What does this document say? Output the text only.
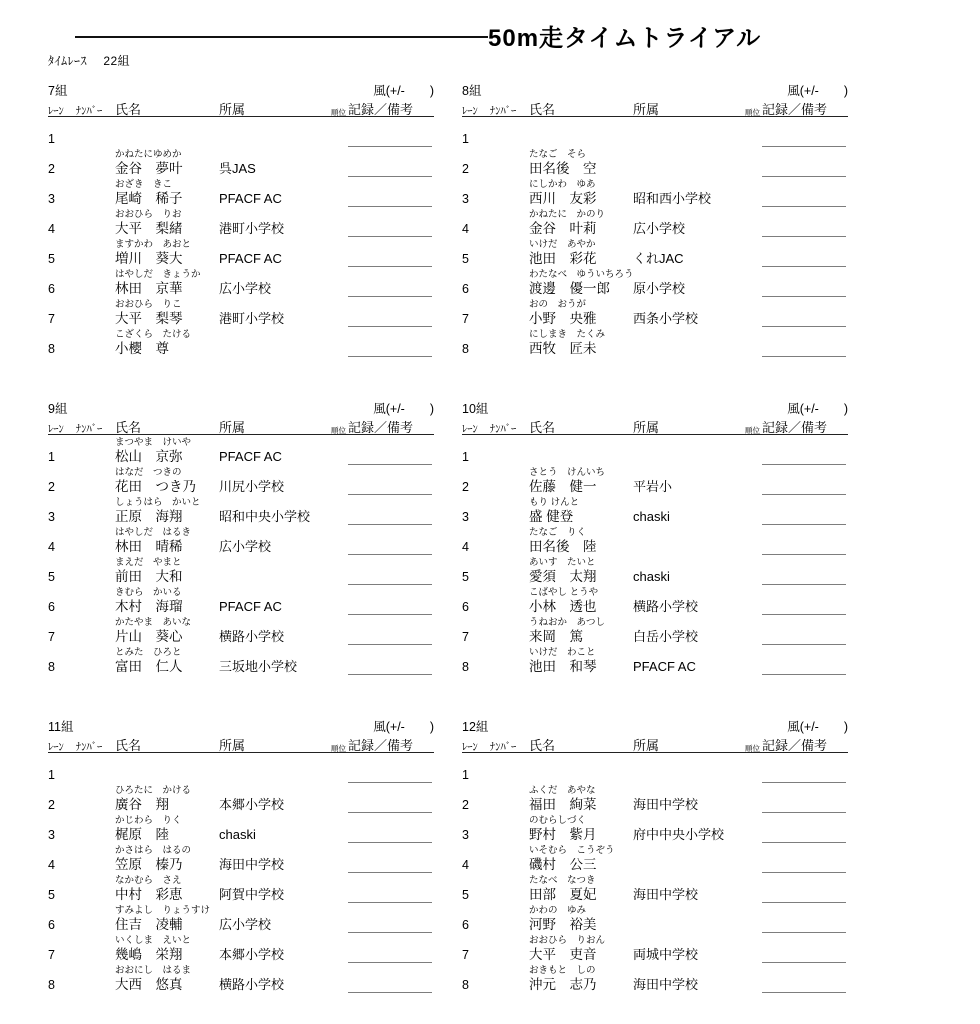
50m走タイムトライアル
ﾀｲﾑﾚｰｽ　 22組
7組	風(+/-　　)
ﾚｰﾝ	ﾅﾝﾊﾞｰ 氏名	所属	順位 記録／備考
1
2
かねたにゆめか
金谷　夢叶	呉JAS
3
おざき　きこ
尾崎　稀子	PFACF AC
4
おおひら　りお
大平　梨緒	港町小学校
5
ますかわ　あおと
増川　葵大	PFACF AC
6
はやしだ　きょうか
林田　京華	広小学校
7
おおひら　りこ
大平　梨琴	港町小学校
8
こざくら　たける
小櫻　尊
8組	風(+/-　　)
ﾚｰﾝ	ﾅﾝﾊﾞｰ 氏名	所属	順位 記録／備考
1
2
たなご　そら
田名後　空
3
にしかわ　ゆあ
西川　友彩	昭和西小学校
4
かねたに　かのり
金谷　叶莉	広小学校
5
いけだ　あやか
池田　彩花	くれJAC
6
わたなべ　ゆういちろう
渡邊　優一郎	原小学校
7
おの　おうが
小野　央雅	西条小学校
8
にしまき　たくみ
西牧　匠未
9組	風(+/-　　)
ﾚｰﾝ	ﾅﾝﾊﾞｰ 氏名	所属	順位 記録／備考
1
まつやま　けいや
松山　京弥	PFACF AC
2
はなだ　つきの
花田　つき乃	川尻小学校
3
しょうはら　かいと
正原　海翔	昭和中央小学校
4
はやしだ　はるき
林田　晴稀	広小学校
5
まえだ　やまと
前田　大和
6
きむら　かいる
木村　海瑠	PFACF AC
7
かたやま　あいな
片山　葵心	横路小学校
8
とみた　ひろと
富田　仁人	三坂地小学校
10組	風(+/-　　)
ﾚｰﾝ	ﾅﾝﾊﾞｰ 氏名	所属	順位 記録／備考
1
2
さとう　けんいち
佐藤　健一	平岩小
3
もり けんと
盛 健登	chaski
4
たなご　りく
田名後　陸
5
あいす　たいと
愛須　太翔	chaski
6
こばやし とうや
小林　透也	横路小学校
7
うねおか　あつし
来岡　篤	白岳小学校
8
いけだ　わこと
池田　和琴	PFACF AC
11組	風(+/-　　)
ﾚｰﾝ	ﾅﾝﾊﾞｰ 氏名	所属	順位 記録／備考
1
2
ひろたに　かける
廣谷　翔	本郷小学校
3
かじわら　りく
梶原　陸	chaski
4
かさはら　はるの
笠原　榛乃	海田中学校
5
なかむら　さえ
中村　彩恵	阿賀中学校
6
すみよし　りょうすけ
住吉　凌輔	広小学校
7
いくしま　えいと
幾嶋　栄翔	本郷小学校
8
おおにし　はるま
大西　悠真	横路小学校
12組	風(+/-　　)
ﾚｰﾝ	ﾅﾝﾊﾞｰ 氏名	所属	順位 記録／備考
1
2
ふくだ　あやな
福田　絢菜	海田中学校
3
のむらしづく
野村　紫月	府中中央小学校
4
いそむら　こうぞう
磯村　公三
5
たなべ　なつき
田部　夏妃	海田中学校
6
かわの　ゆみ
河野　裕美
7
おおひら　りおん
大平　吏音	両城中学校
8
おきもと　しの
沖元　志乃	海田中学校
